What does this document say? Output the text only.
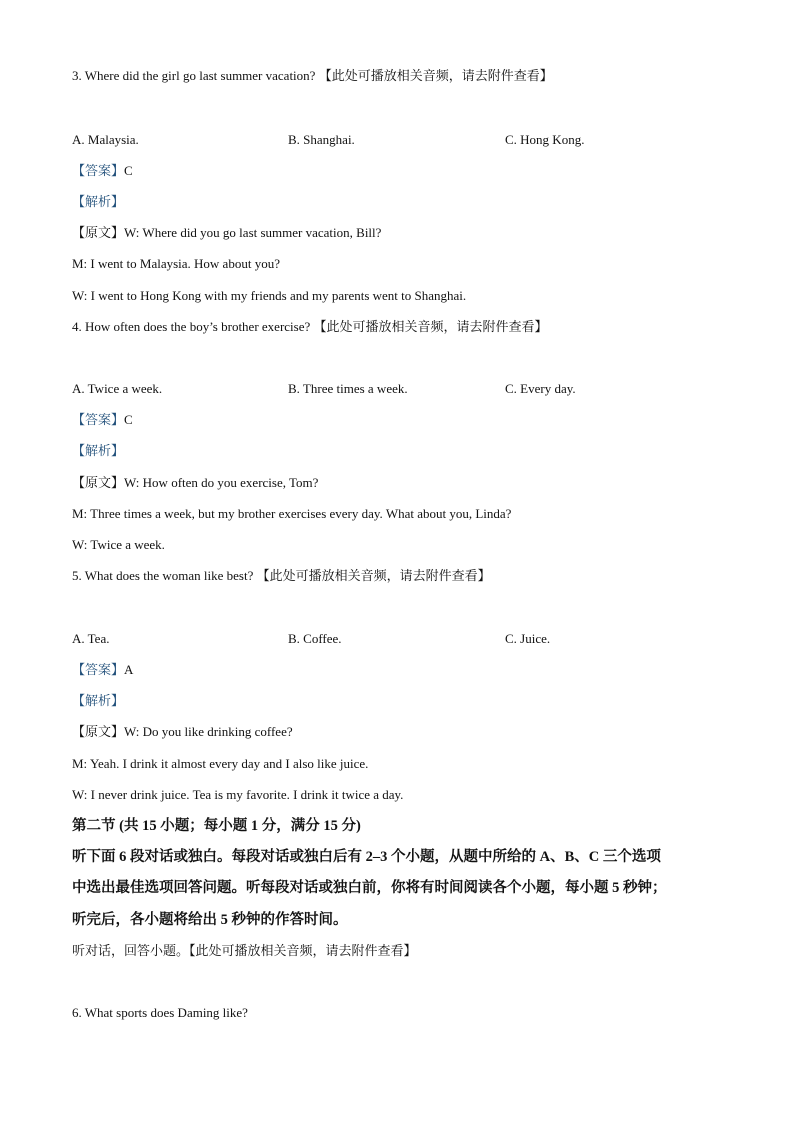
3. Where did the girl go last summer vacation? 【此处可播放相关音频，请去附件查看】
A. Malaysia.	B. Shanghai.	C. Hong Kong.
【答案】C
【解析】
【原文】W: Where did you go last summer vacation, Bill?
M: I went to Malaysia. How about you?
W: I went to Hong Kong with my friends and my parents went to Shanghai.
4. How often does the boy’s brother exercise? 【此处可播放相关音频，请去附件查看】
A. Twice a week.	B. Three times a week.	C. Every day.
【答案】C
【解析】
【原文】W: How often do you exercise, Tom?
M: Three times a week, but my brother exercises every day. What about you, Linda?
W: Twice a week.
5. What does the woman like best? 【此处可播放相关音频，请去附件查看】
A. Tea.	B. Coffee.	C. Juice.
【答案】A
【解析】
【原文】W: Do you like drinking coffee?
M: Yeah. I drink it almost every day and I also like juice.
W: I never drink juice. Tea is my favorite. I drink it twice a day.
第二节 (共 15 小题；每小题 1 分，满分 15 分)
听下面 6 段对话或独白。每段对话或独白后有 2–3 个小题，从题中所给的 A、B、C 三个选项
中选出最佳选项回答问题。听每段对话或独白前，你将有时间阅读各个小题，每小题 5 秒钟；
听完后，各小题将给出 5 秒钟的作答时间。
听对话，回答小题。【此处可播放相关音频，请去附件查看】
6. What sports does Daming like?
